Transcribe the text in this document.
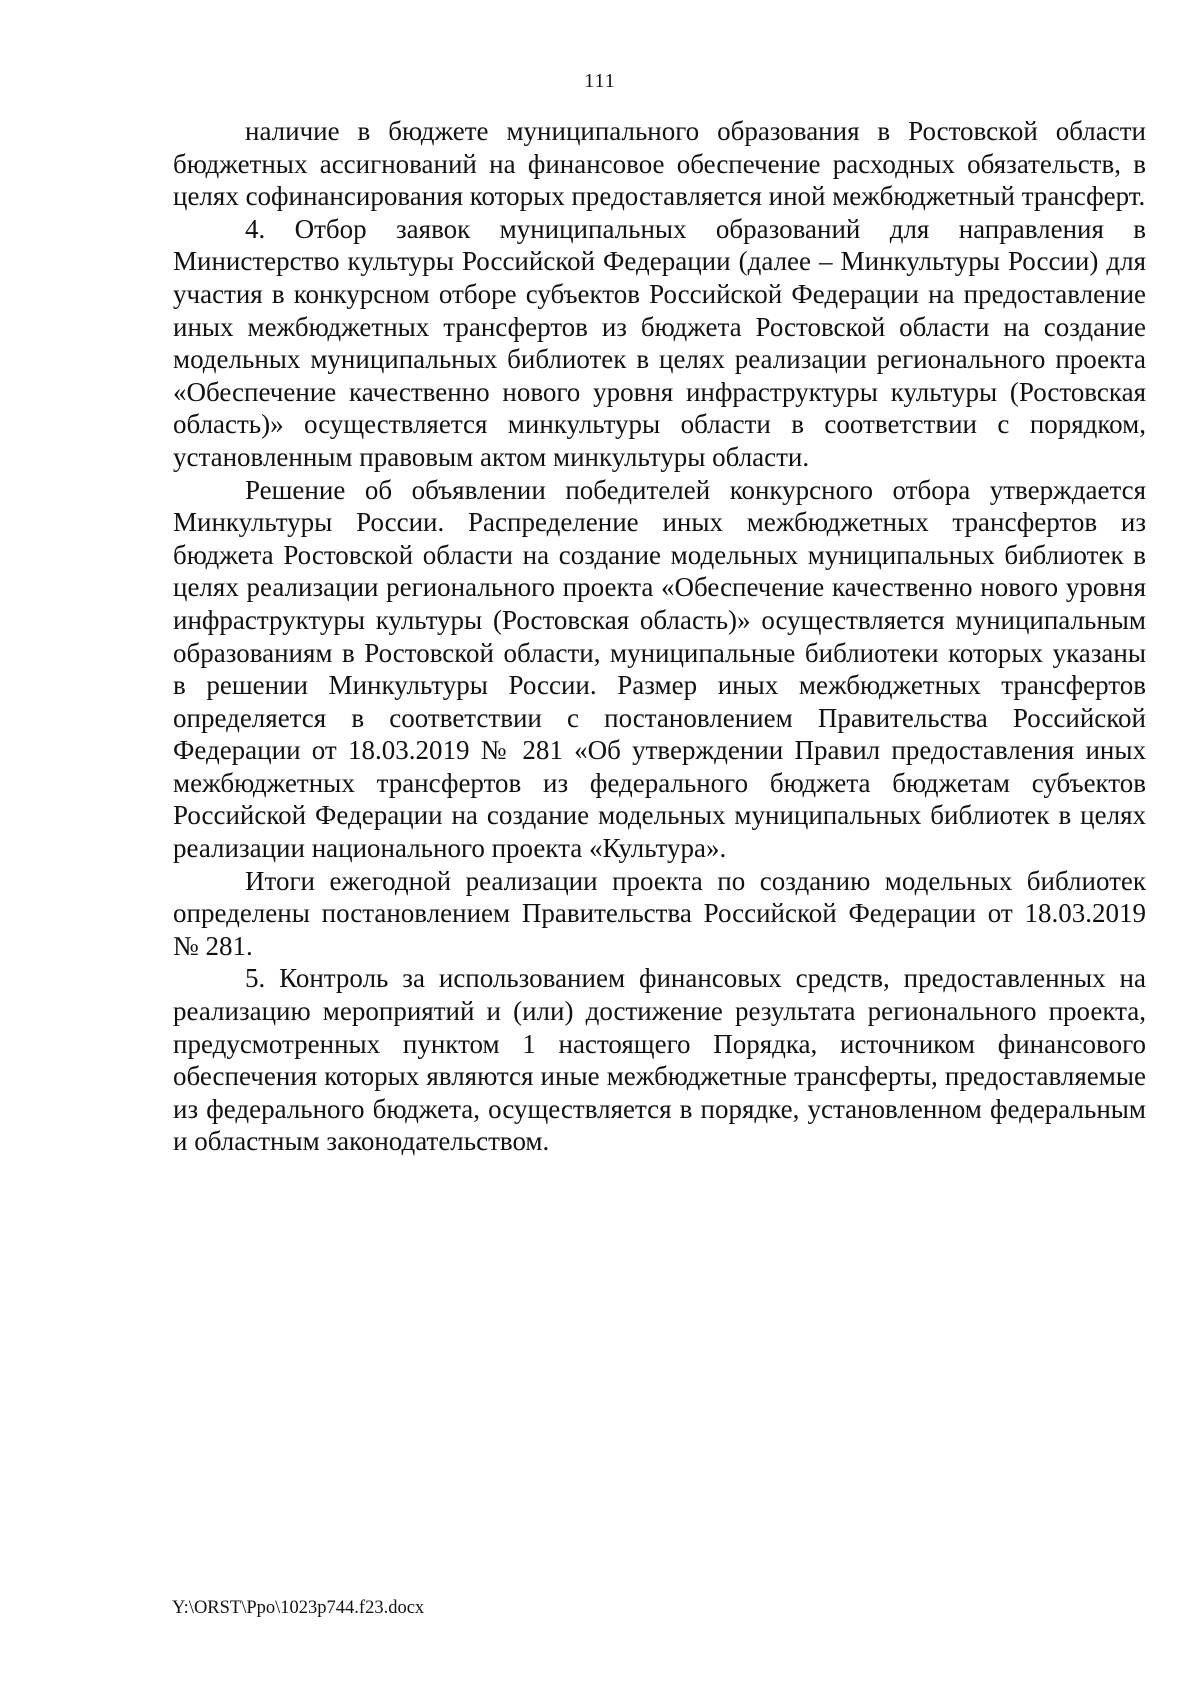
111

наличие в бюджете муниципального образования в Ростовской области бюджетных ассигнований на финансовое обеспечение расходных обязательств, в целях софинансирования которых предоставляется иной межбюджетный трансферт.

4. Отбор заявок муниципальных образований для направления в Министерство культуры Российской Федерации (далее – Минкультуры России) для участия в конкурсном отборе субъектов Российской Федерации на предоставление иных межбюджетных трансфертов из бюджета Ростовской области на создание модельных муниципальных библиотек в целях реализации регионального проекта «Обеспечение качественно нового уровня инфраструктуры культуры (Ростовская область)» осуществляется минкультуры области в соответствии с порядком, установленным правовым актом минкультуры области.

Решение об объявлении победителей конкурсного отбора утверждается Минкультуры России. Распределение иных межбюджетных трансфертов из бюджета Ростовской области на создание модельных муниципальных библиотек в целях реализации регионального проекта «Обеспечение качественно нового уровня инфраструктуры культуры (Ростовская область)» осуществляется муниципальным образованиям в Ростовской области, муниципальные библиотеки которых указаны в решении Минкультуры России. Размер иных межбюджетных трансфертов определяется в соответствии с постановлением Правительства Российской Федерации от 18.03.2019 № 281 «Об утверждении Правил предоставления иных межбюджетных трансфертов из федерального бюджета бюджетам субъектов Российской Федерации на создание модельных муниципальных библиотек в целях реализации национального проекта «Культура».

Итоги ежегодной реализации проекта по созданию модельных библиотек определены постановлением Правительства Российской Федерации от 18.03.2019 № 281.

5. Контроль за использованием финансовых средств, предоставленных на реализацию мероприятий и (или) достижение результата регионального проекта, предусмотренных пунктом 1 настоящего Порядка, источником финансового обеспечения которых являются иные межбюджетные трансферты, предоставляемые из федерального бюджета, осуществляется в порядке, установленном федеральным и областным законодательством.

Y:\ORST\Ppo\1023p744.f23.docx
